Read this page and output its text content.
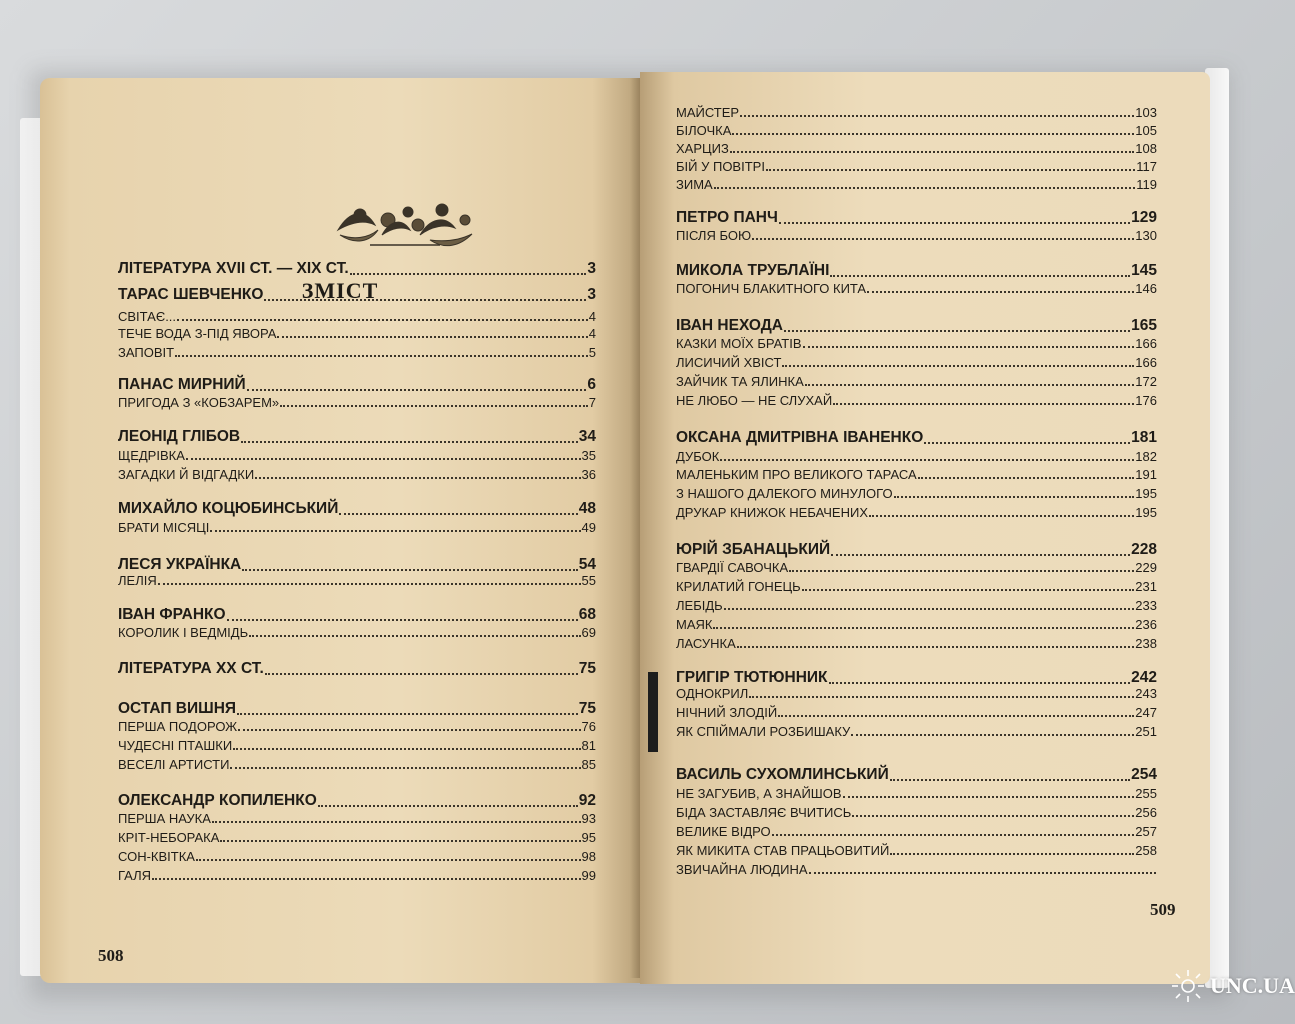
ЗМІСТ
ЛІТЕРАТУРА XVII СТ. — XIX СТ.	3
ТАРАС ШЕВЧЕНКО	3
СВІТАЄ...	4
ТЕЧЕ ВОДА З-ПІД ЯВОРА	4
ЗАПОВІТ	5
ПАНАС МИРНИЙ	6
ПРИГОДА З «КОБЗАРЕМ»	7
ЛЕОНІД ГЛІБОВ	34
ЩЕДРІВКА	35
ЗАГАДКИ Й ВІДГАДКИ	36
МИХАЙЛО КОЦЮБИНСЬКИЙ	48
БРАТИ МІСЯЦІ	49
ЛЕСЯ УКРАЇНКА	54
ЛЕЛІЯ	55
ІВАН ФРАНКО	68
КОРОЛИК І ВЕДМІДЬ	69
ЛІТЕРАТУРА XX СТ.	75
ОСТАП ВИШНЯ	75
ПЕРША ПОДОРОЖ	76
ЧУДЕСНІ ПТАШКИ	81
ВЕСЕЛІ АРТИСТИ	85
ОЛЕКСАНДР КОПИЛЕНКО	92
ПЕРША НАУКА	93
КРІТ-НЕБОРАКА	95
СОН-КВІТКА	98
ГАЛЯ	99
508
МАЙСТЕР	103
БІЛОЧКА	105
ХАРЦИЗ	108
БІЙ У ПОВІТРІ	117
ЗИМА	119
ПЕТРО ПАНЧ	129
ПІСЛЯ БОЮ	130
МИКОЛА ТРУБЛАЇНІ	145
ПОГОНИЧ БЛАКИТНОГО КИТА	146
ІВАН НЕХОДА	165
КАЗКИ МОЇХ БРАТІВ	166
ЛИСИЧИЙ ХВІСТ	166
ЗАЙЧИК ТА ЯЛИНКА	172
НЕ ЛЮБО — НЕ СЛУХАЙ	176
ОКСАНА ДМИТРІВНА ІВАНЕНКО	181
ДУБОК	182
МАЛЕНЬКИМ ПРО ВЕЛИКОГО ТАРАСА	191
З НАШОГО ДАЛЕКОГО МИНУЛОГО	195
ДРУКАР КНИЖОК НЕБАЧЕНИХ	195
ЮРІЙ ЗБАНАЦЬКИЙ	228
ГВАРДІЇ САВОЧКА	229
КРИЛАТИЙ ГОНЕЦЬ	231
ЛЕБІДЬ	233
МАЯК	236
ЛАСУНКА	238
ГРИГІР ТЮТЮННИК	242
ОДНОКРИЛ	243
НІЧНИЙ ЗЛОДІЙ	247
ЯК СПІЙМАЛИ РОЗБИШАКУ	251
ВАСИЛЬ СУХОМЛИНСЬКИЙ	254
НЕ ЗАГУБИВ, А ЗНАЙШОВ	255
БІДА ЗАСТАВЛЯЄ ВЧИТИСЬ	256
ВЕЛИКЕ ВІДРО	257
ЯК МИКИТА СТАВ ПРАЦЬОВИТИЙ	258
ЗВИЧАЙНА ЛЮДИНА
509
UNC.UA
